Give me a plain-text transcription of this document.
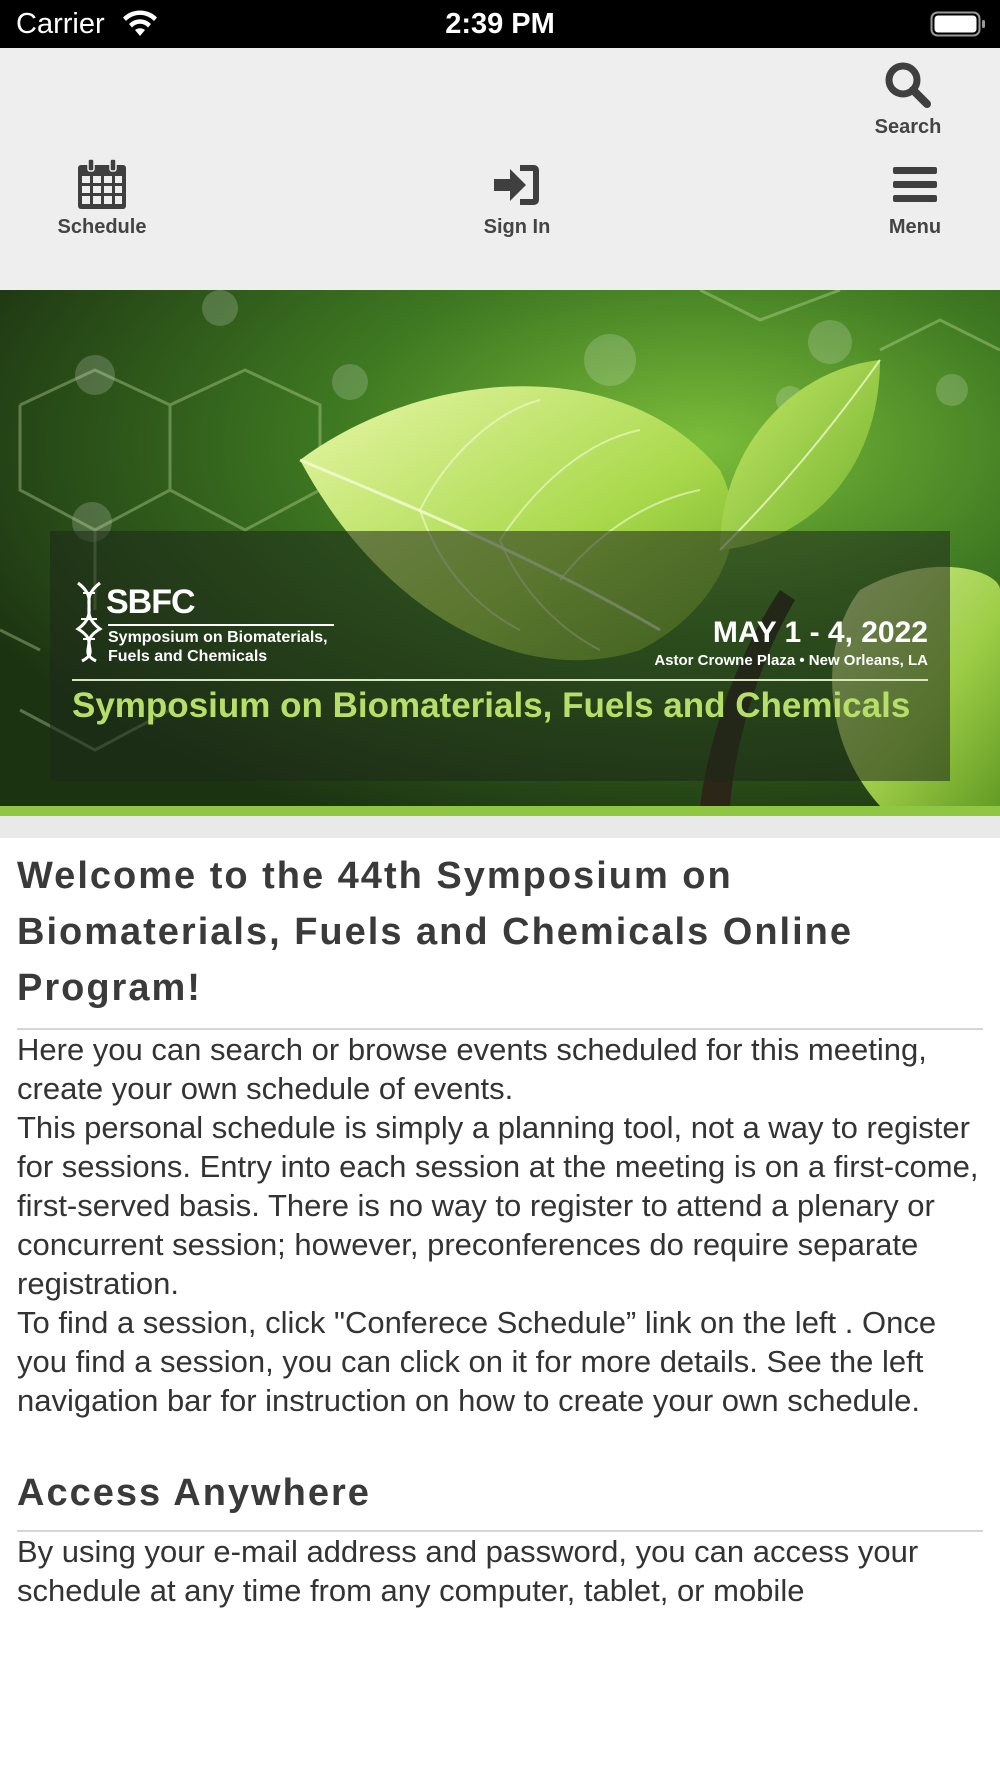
Carrier	2:39 PM
Search
Schedule	Sign In	Menu
SBFC
Symposium on Biomaterials,
Fuels and Chemicals
MAY 1 - 4, 2022
Astor Crowne Plaza • New Orleans, LA
Symposium on Biomaterials, Fuels and Chemicals
Welcome to the 44th Symposium on Biomaterials, Fuels and Chemicals Online Program!

Here you can search or browse events scheduled for this meeting, create your own schedule of events.

This personal schedule is simply a planning tool, not a way to register for sessions. Entry into each session at the meeting is on a first-come, first-served basis. There is no way to register to attend a plenary or concurrent session; however, preconferences do require separate registration.

To find a session, click "Conferece Schedule” link on the left . Once you find a session, you can click on it for more details. See the left navigation bar for instruction on how to create your own schedule.

Access Anywhere

By using your e-mail address and password, you can access your schedule at any time from any computer, tablet, or mobile
